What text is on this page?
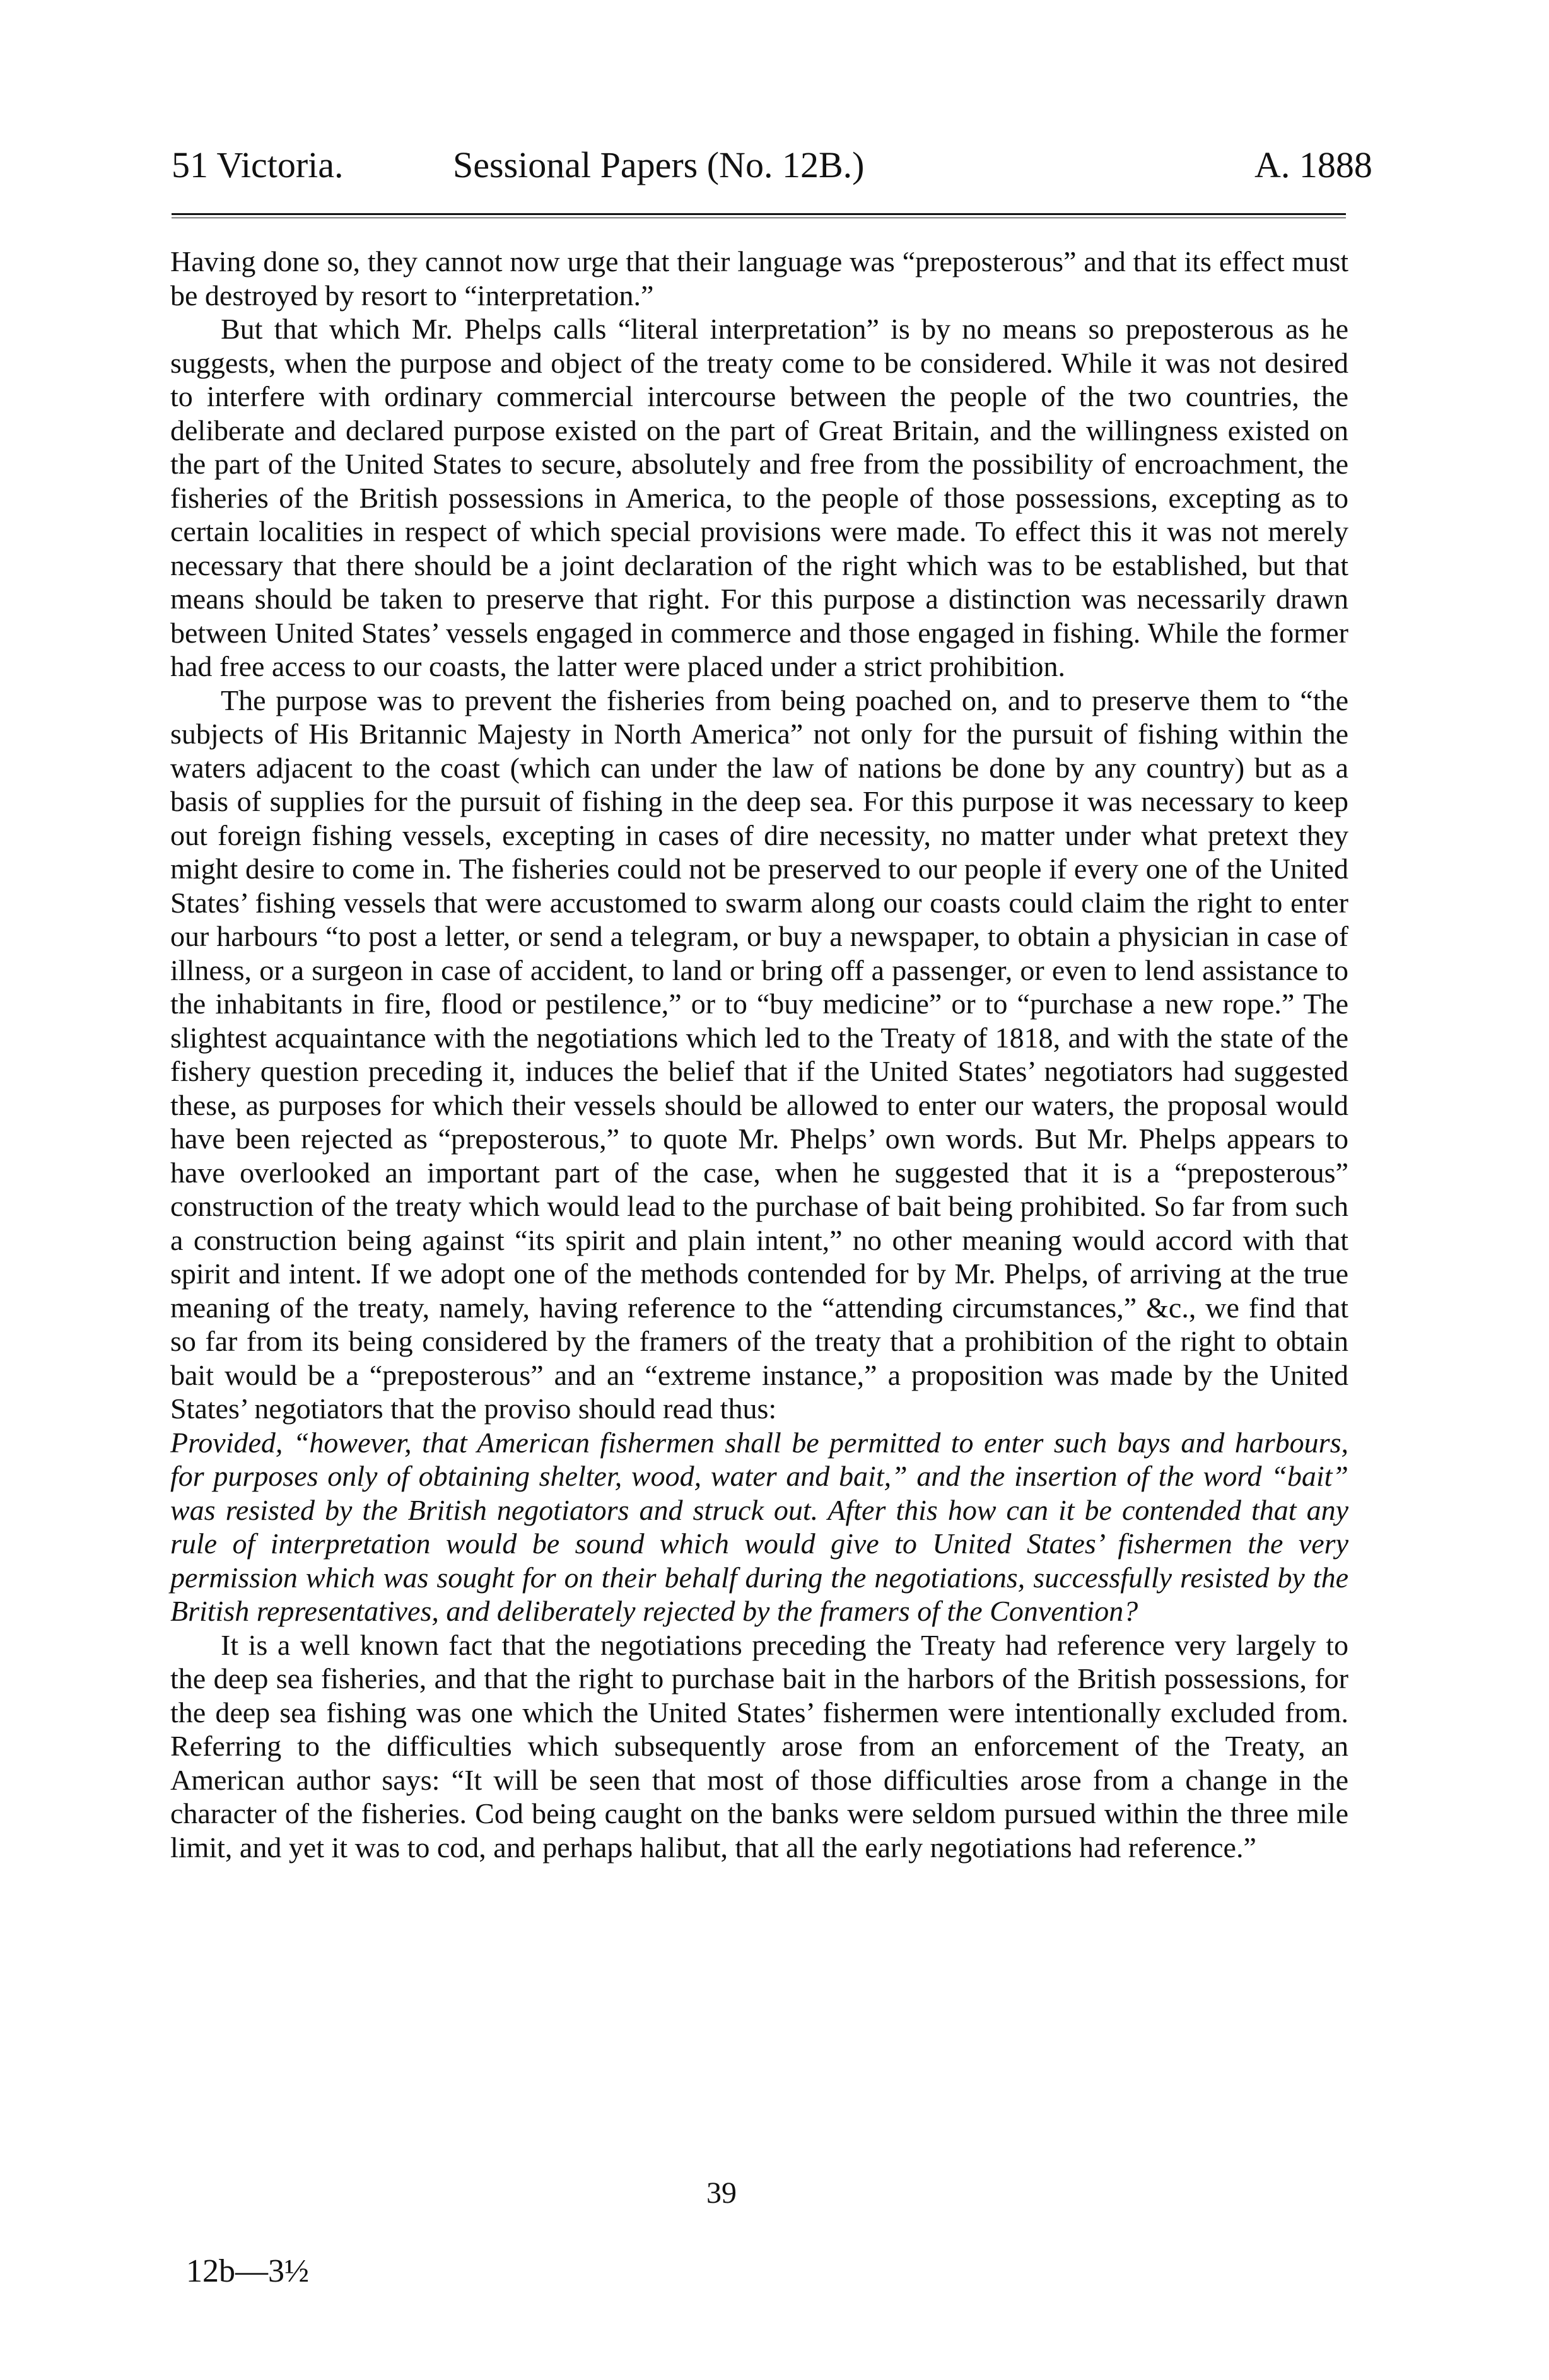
51 Victoria.	Sessional Papers (No. 12B.)	A. 1888

Having done so, they cannot now urge that their language was “preposterous” and that its effect must be destroyed by resort to “interpretation.”

But that which Mr. Phelps calls “literal interpretation” is by no means so preposterous as he suggests, when the purpose and object of the treaty come to be considered. While it was not desired to interfere with ordinary commercial intercourse between the people of the two countries, the deliberate and declared purpose existed on the part of Great Britain, and the willingness existed on the part of the United States to secure, absolutely and free from the possibility of encroachment, the fisheries of the British possessions in America, to the people of those possessions, excepting as to certain localities in respect of which special provisions were made. To effect this it was not merely necessary that there should be a joint declaration of the right which was to be established, but that means should be taken to preserve that right. For this purpose a distinction was necessarily drawn between United States’ vessels engaged in commerce and those engaged in fishing. While the former had free access to our coasts, the latter were placed under a strict prohibition.

The purpose was to prevent the fisheries from being poached on, and to preserve them to “the subjects of His Britannic Majesty in North America” not only for the pursuit of fishing within the waters adjacent to the coast (which can under the law of nations be done by any country) but as a basis of supplies for the pursuit of fishing in the deep sea. For this purpose it was necessary to keep out foreign fishing vessels, excepting in cases of dire necessity, no matter under what pretext they might desire to come in. The fisheries could not be preserved to our people if every one of the United States’ fishing vessels that were accustomed to swarm along our coasts could claim the right to enter our harbours “to post a letter, or send a telegram, or buy a newspaper, to obtain a physician in case of illness, or a surgeon in case of accident, to land or bring off a passenger, or even to lend assistance to the inhabitants in fire, flood or pestilence,” or to “buy medicine” or to “purchase a new rope.” The slightest acquaintance with the negotiations which led to the Treaty of 1818, and with the state of the fishery question preceding it, induces the belief that if the United States’ negotiators had suggested these, as purposes for which their vessels should be allowed to enter our waters, the proposal would have been rejected as “preposterous,” to quote Mr. Phelps’ own words. But Mr. Phelps appears to have overlooked an important part of the case, when he suggested that it is a “preposterous” construction of the treaty which would lead to the purchase of bait being prohibited. So far from such a construction being against “its spirit and plain intent,” no other meaning would accord with that spirit and intent. If we adopt one of the methods contended for by Mr. Phelps, of arriving at the true meaning of the treaty, namely, having reference to the “attending circumstances,” &c., we find that so far from its being considered by the framers of the treaty that a prohibition of the right to obtain bait would be a “preposterous” and an “extreme instance,” a proposition was made by the United States’ negotiators that the proviso should read thus:

Provided, “however, that American fishermen shall be permitted to enter such bays and harbours, for purposes only of obtaining shelter, wood, water and bait,” and the insertion of the word “bait” was resisted by the British negotiators and struck out. After this how can it be contended that any rule of interpretation would be sound which would give to United States’ fishermen the very permission which was sought for on their behalf during the negotiations, successfully resisted by the British representatives, and deliberately rejected by the framers of the Convention?

It is a well known fact that the negotiations preceding the Treaty had reference very largely to the deep sea fisheries, and that the right to purchase bait in the harbors of the British possessions, for the deep sea fishing was one which the United States’ fishermen were intentionally excluded from. Referring to the difficulties which subsequently arose from an enforcement of the Treaty, an American author says: “It will be seen that most of those difficulties arose from a change in the character of the fisheries. Cod being caught on the banks were seldom pursued within the three mile limit, and yet it was to cod, and perhaps halibut, that all the early negotiations had reference.”

39
12b—3½
